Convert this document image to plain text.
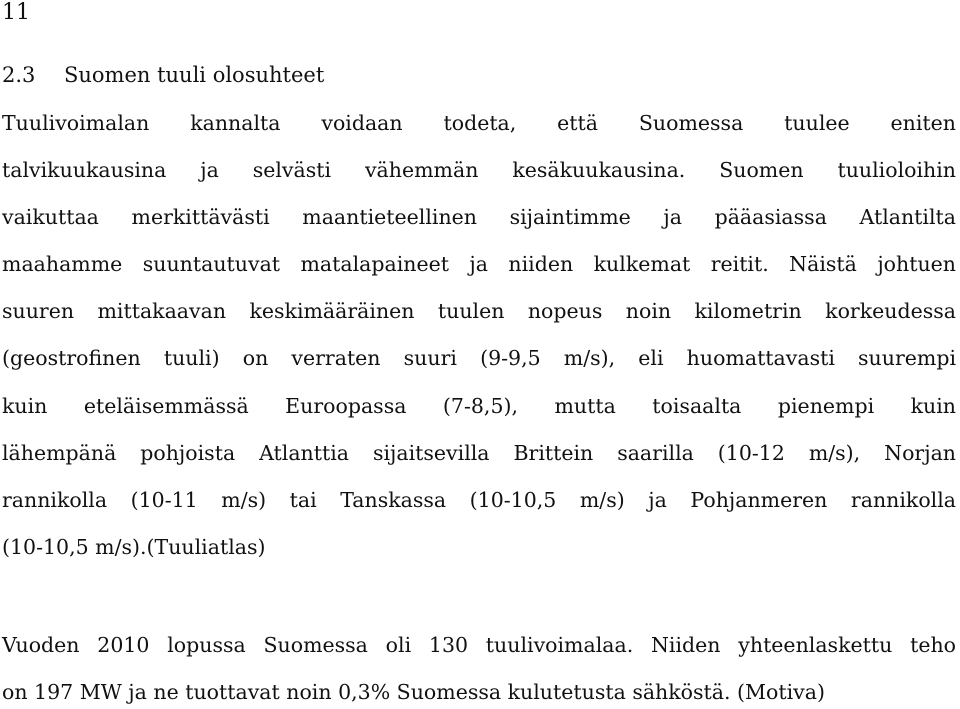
11
2.3 Suomen tuuli olosuhteet
Tuulivoimalan kannalta voidaan todeta, että Suomessa tuulee eniten
talvikuukausina ja selvästi vähemmän kesäkuukausina. Suomen tuulioloihin
vaikuttaa merkittävästi maantieteellinen sijaintimme ja pääasiassa Atlantilta
maahamme suuntautuvat matalapaineet ja niiden kulkemat reitit. Näistä johtuen
suuren mittakaavan keskimääräinen tuulen nopeus noin kilometrin korkeudessa
(geostrofinen tuuli) on verraten suuri (9-9,5 m/s), eli huomattavasti suurempi
kuin eteläisemmässä Euroopassa (7-8,5), mutta toisaalta pienempi kuin
lähempänä pohjoista Atlanttia sijaitsevilla Brittein saarilla (10-12 m/s), Norjan
rannikolla (10-11 m/s) tai Tanskassa (10-10,5 m/s) ja Pohjanmeren rannikolla
(10-10,5 m/s).(Tuuliatlas)
Vuoden 2010 lopussa Suomessa oli 130 tuulivoimalaa. Niiden yhteenlaskettu teho
on 197 MW ja ne tuottavat noin 0,3% Suomessa kulutetusta sähköstä. (Motiva)
